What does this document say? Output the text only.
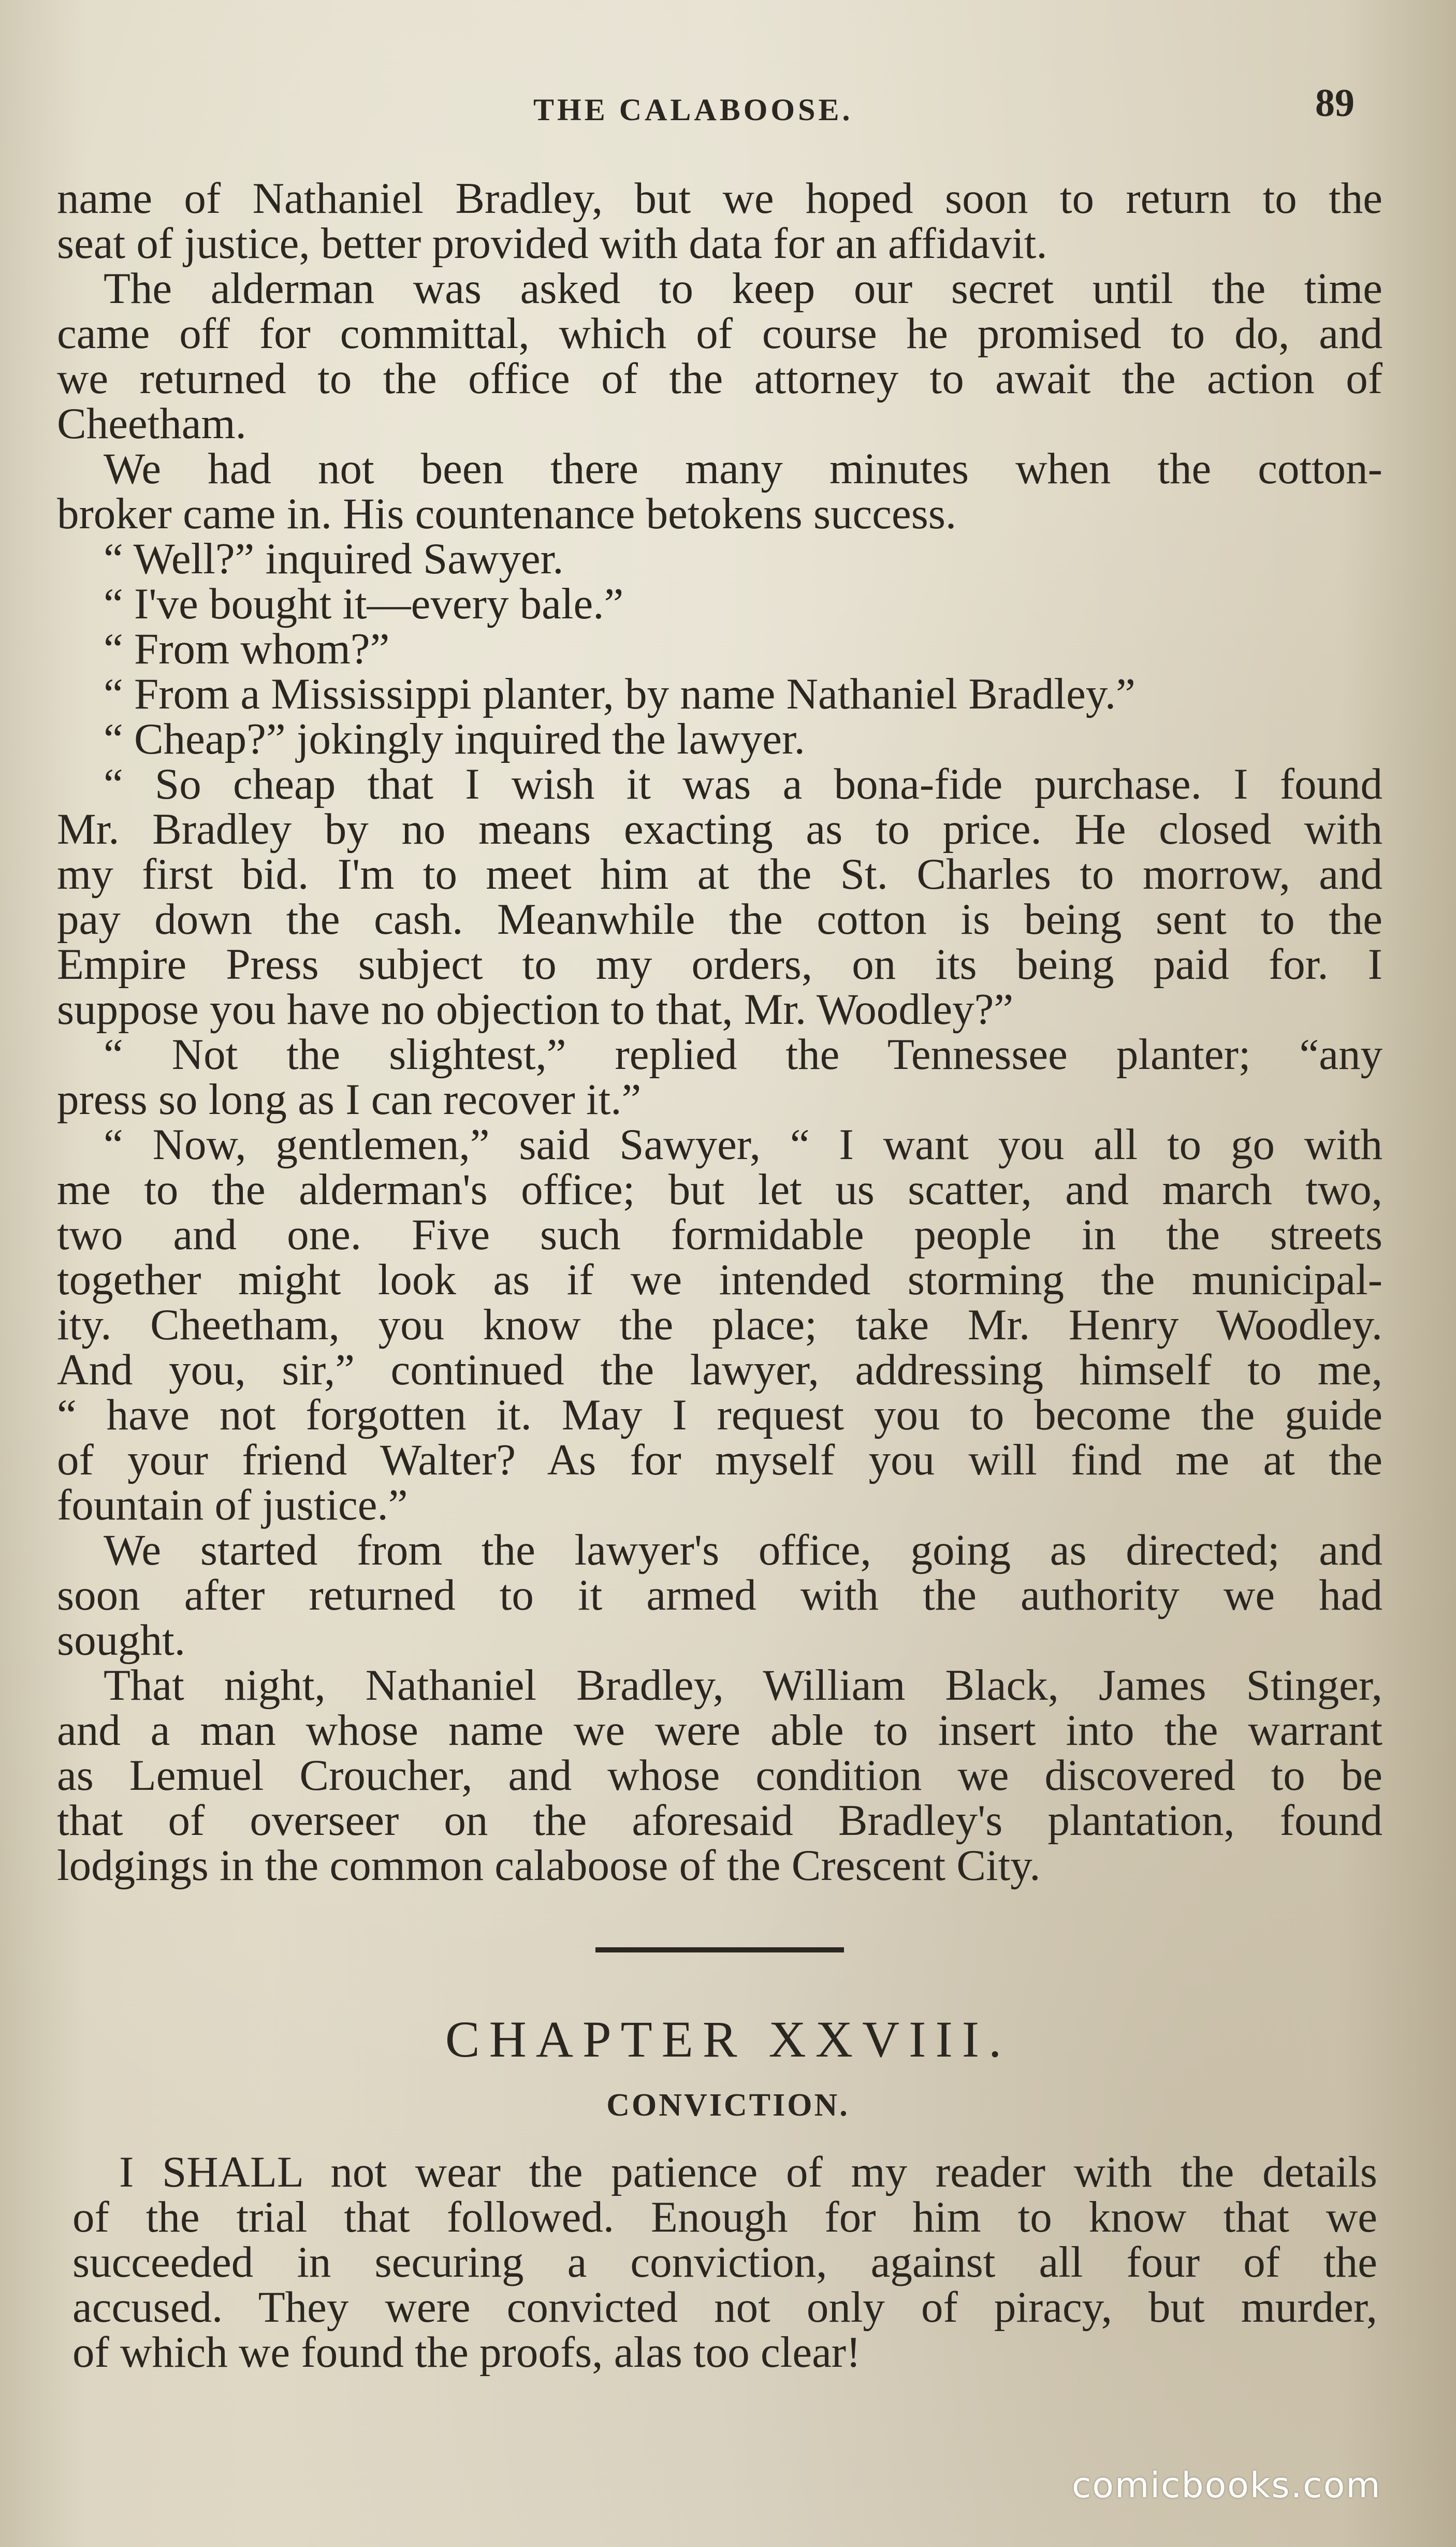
THE CALABOOSE.	89
name of Nathaniel Bradley, but we hoped soon to return to the
seat of justice, better provided with data for an affidavit.
The alderman was asked to keep our secret until the time
came off for committal, which of course he promised to do, and
we returned to the office of the attorney to await the action of
Cheetham.
We had not been there many minutes when the cotton-
broker came in. His countenance betokens success.
“ Well?” inquired Sawyer.
“ I've bought it—every bale.”
“ From whom?”
“ From a Mississippi planter, by name Nathaniel Bradley.”
“ Cheap?” jokingly inquired the lawyer.
“ So cheap that I wish it was a bona-fide purchase. I found
Mr. Bradley by no means exacting as to price. He closed with
my first bid. I'm to meet him at the St. Charles to morrow, and
pay down the cash. Meanwhile the cotton is being sent to the
Empire Press subject to my orders, on its being paid for. I
suppose you have no objection to that, Mr. Woodley?”
“ Not the slightest,” replied the Tennessee planter; “any
press so long as I can recover it.”
“ Now, gentlemen,” said Sawyer, “ I want you all to go with
me to the alderman's office; but let us scatter, and march two,
two and one. Five such formidable people in the streets
together might look as if we intended storming the municipal-
ity. Cheetham, you know the place; take Mr. Henry Woodley.
And you, sir,” continued the lawyer, addressing himself to me,
“ have not forgotten it. May I request you to become the guide
of your friend Walter? As for myself you will find me at the
fountain of justice.”
We started from the lawyer's office, going as directed; and
soon after returned to it armed with the authority we had
sought.
That night, Nathaniel Bradley, William Black, James Stinger,
and a man whose name we were able to insert into the warrant
as Lemuel Croucher, and whose condition we discovered to be
that of overseer on the aforesaid Bradley's plantation, found
lodgings in the common calaboose of the Crescent City.
CHAPTER XXVIII.
CONVICTION.
I SHALL not wear the patience of my reader with the details
of the trial that followed. Enough for him to know that we
succeeded in securing a conviction, against all four of the
accused. They were convicted not only of piracy, but murder,
of which we found the proofs, alas too clear!
comicbooks.com
